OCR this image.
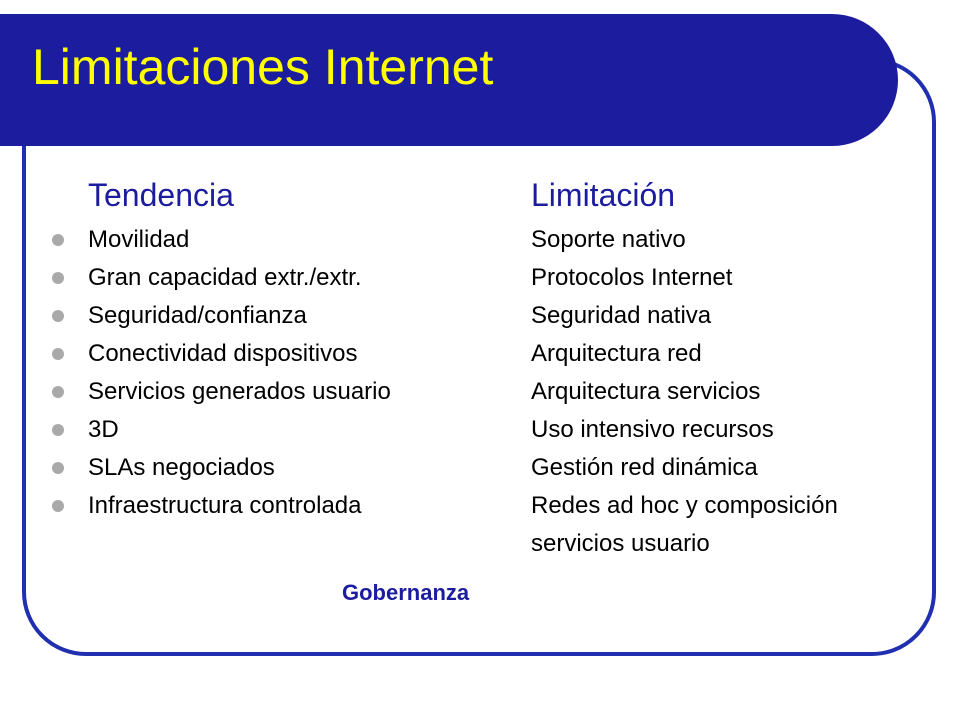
Limitaciones Internet
Tendencia	Limitación
Movilidad	Soporte nativo
Gran capacidad extr./extr.	Protocolos Internet
Seguridad/confianza	Seguridad nativa
Conectividad dispositivos	Arquitectura red
Servicios generados usuario	Arquitectura servicios
3D	Uso intensivo recursos
SLAs negociados	Gestión red dinámica
Infraestructura controlada	Redes ad hoc y composición
servicios usuario
Gobernanza
